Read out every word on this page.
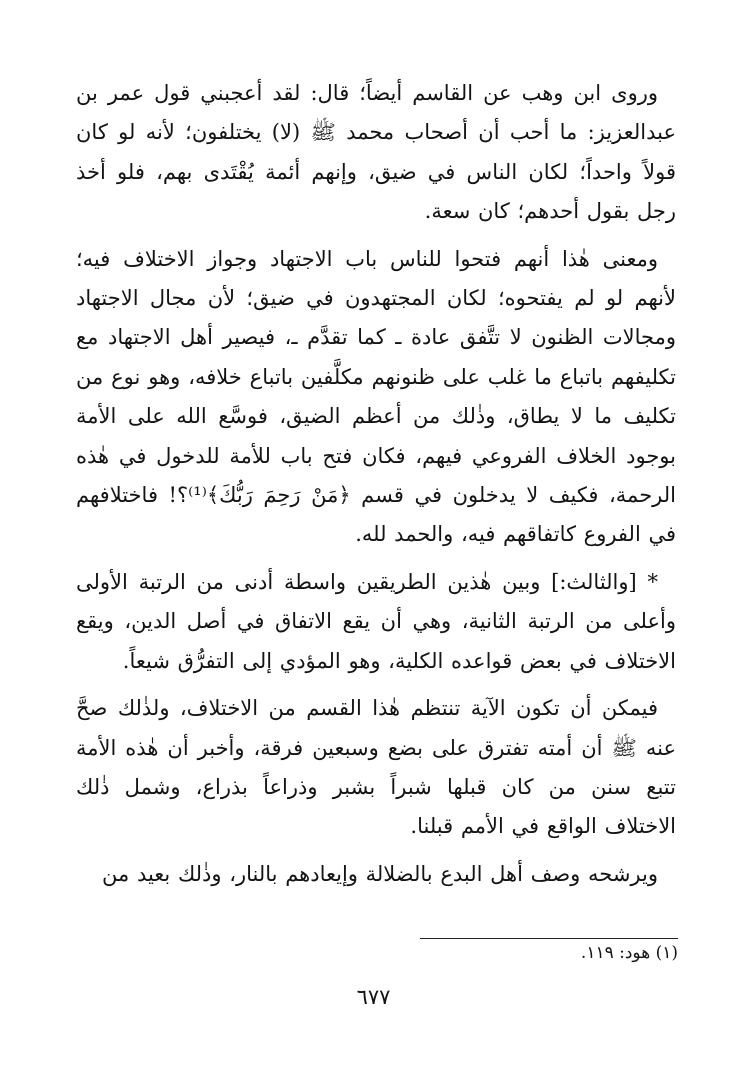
وروى ابن وهب عن القاسم أيضاً؛ قال: لقد أعجبني قول عمر بن عبدالعزيز: ما أحب أن أصحاب محمد ﷺ (لا) يختلفون؛ لأنه لو كان قولاً واحداً؛ لكان الناس في ضيق، وإنهم أئمة يُقْتَدى بهم، فلو أخذ رجل بقول أحدهم؛ كان سعة.

ومعنى هٰذا أنهم فتحوا للناس باب الاجتهاد وجواز الاختلاف فيه؛ لأنهم لو لم يفتحوه؛ لكان المجتهدون في ضيق؛ لأن مجال الاجتهاد ومجالات الظنون لا تتَّفق عادة ـ كما تقدَّم ـ، فيصير أهل الاجتهاد مع تكليفهم باتباع ما غلب على ظنونهم مكلَّفين باتباع خلافه، وهو نوع من تكليف ما لا يطاق، وذٰلك من أعظم الضيق، فوسَّع الله على الأمة بوجود الخلاف الفروعي فيهم، فكان فتح باب للأمة للدخول في هٰذه الرحمة، فكيف لا يدخلون في قسم ﴿مَنْ رَحِمَ رَبُّكَ﴾⁽¹⁾؟! فاختلافهم في الفروع كاتفاقهم فيه، والحمد لله.

* [والثالث:] وبين هٰذين الطريقين واسطة أدنى من الرتبة الأولى وأعلى من الرتبة الثانية، وهي أن يقع الاتفاق في أصل الدين، ويقع الاختلاف في بعض قواعده الكلية، وهو المؤدي إلى التفرُّق شيعاً.

فيمكن أن تكون الآية تنتظم هٰذا القسم من الاختلاف، ولذٰلك صحَّ عنه ﷺ أن أمته تفترق على بضع وسبعين فرقة، وأخبر أن هٰذه الأمة تتبع سنن من كان قبلها شبراً بشبر وذراعاً بذراع، وشمل ذٰلك الاختلاف الواقع في الأمم قبلنا.

ويرشحه وصف أهل البدع بالضلالة وإيعادهم بالنار، وذٰلك بعيد من

(١) هود: ١١٩.
٦٧٧
